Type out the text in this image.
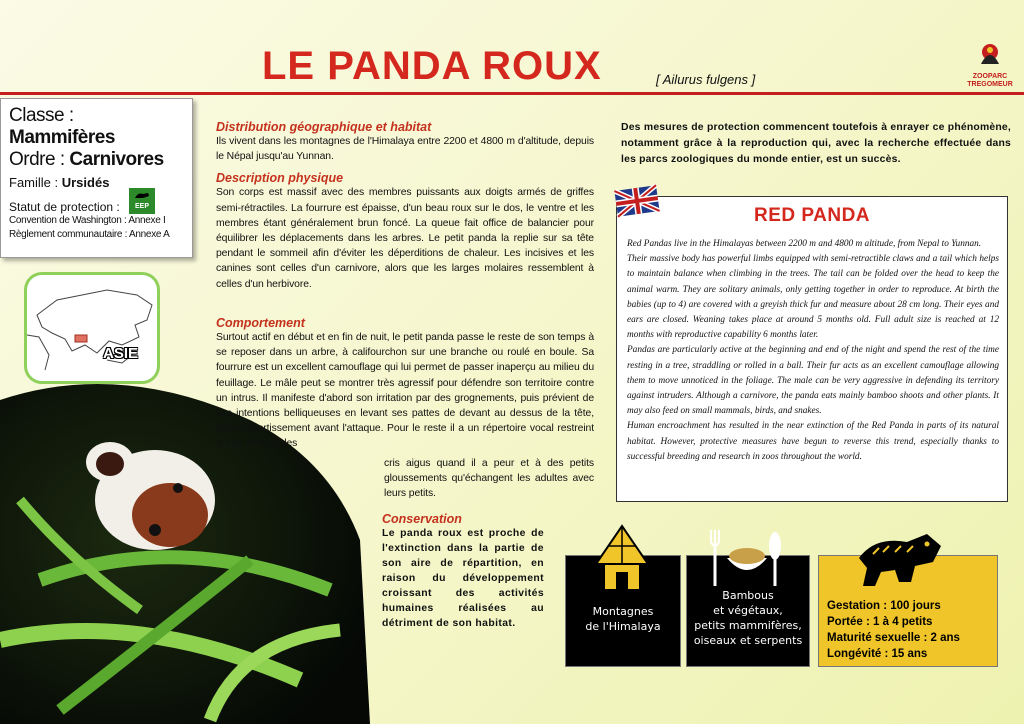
LE PANDA ROUX	[ Ailurus fulgens ]	ZOOPARC
TREGOMEUR
Classe : Mammifères
Ordre : Carnivores
Famille : Ursidés
Statut de protection :	EEP
Convention de Washington : Annexe I
Règlement communautaire : Annexe A
ASIE
Distribution géographique et habitat
Ils vivent dans les montagnes de l'Himalaya entre 2200 et 4800 m d'altitude, depuis le Népal jusqu'au Yunnan.
Description physique
Son corps est massif avec des membres puissants aux doigts armés de griffes semi-rétractiles. La fourrure est épaisse, d'un beau roux sur le dos, le ventre et les membres étant généralement brun foncé. La queue fait office de balancier pour équilibrer les déplacements dans les arbres. Le petit panda la replie sur sa tête pendant le sommeil afin d'éviter les déperditions de chaleur. Les incisives et les canines sont celles d'un carnivore, alors que les larges molaires ressemblent à celles d'un herbivore.
Comportement
Surtout actif en début et en fin de nuit, le petit panda passe le reste de son temps à se reposer dans un arbre, à califourchon sur une branche ou roulé en boule. Sa fourrure est un excellent camouflage qui lui permet de passer inaperçu au milieu du feuillage. Le mâle peut se montrer très agressif pour défendre son territoire contre un intrus. Il manifeste d'abord son irritation par des grognements, puis prévient de ses intentions belliqueuses en levant ses pattes de devant au dessus de la tête, ultime avertissement avant l'attaque. Pour le reste il a un répertoire vocal restreint qui se limite à des
cris aigus quand il a peur et à des petits gloussements qu'échangent les adultes avec leurs petits.
Conservation
Le panda roux est proche de l'extinction dans la partie de son aire de répartition, en raison du développement croissant des activités humaines réalisées au détriment de son habitat.
Des mesures de protection commencent toutefois à enrayer ce phénomène, notamment grâce à la reproduction qui, avec la recherche effectuée dans les parcs zoologiques du monde entier, est un succès.
RED PANDA

Red Pandas live in the Himalayas between 2200 m and 4800 m altitude, from Nepal to Yunnan.

Their massive body has powerful limbs equipped with semi-retractible claws and a tail which helps to maintain balance when climbing in the trees. The tail can be folded over the head to keep the animal warm. They are solitary animals, only getting together in order to reproduce. At birth the babies (up to 4) are covered with a greyish thick fur and measure about 28 cm long. Their eyes and ears are closed. Weaning takes place at around 5 months old. Full adult size is reached at 12 months with reproductive capability 6 months later.

Pandas are particularly active at the beginning and end of the night and spend the rest of the time resting in a tree, straddling or rolled in a ball. Their fur acts as an excellent camouflage allowing them to move unnoticed in the foliage. The male can be very aggressive in defending its territory against intruders. Although a carnivore, the panda eats mainly bamboo shoots and other plants. It may also feed on small mammals, birds, and snakes.

Human encroachment has resulted in the near extinction of the Red Panda in parts of its natural habitat. However, protective measures have begun to reverse this trend, especially thanks to successful breeding and research in zoos throughout the world.

Montagnes
de l'Himalaya
Bambous
et végétaux,
petits mammifères,
oiseaux et serpents
Gestation : 100 jours
Portée : 1 à 4 petits
Maturité sexuelle : 2 ans
Longévité : 15 ans
